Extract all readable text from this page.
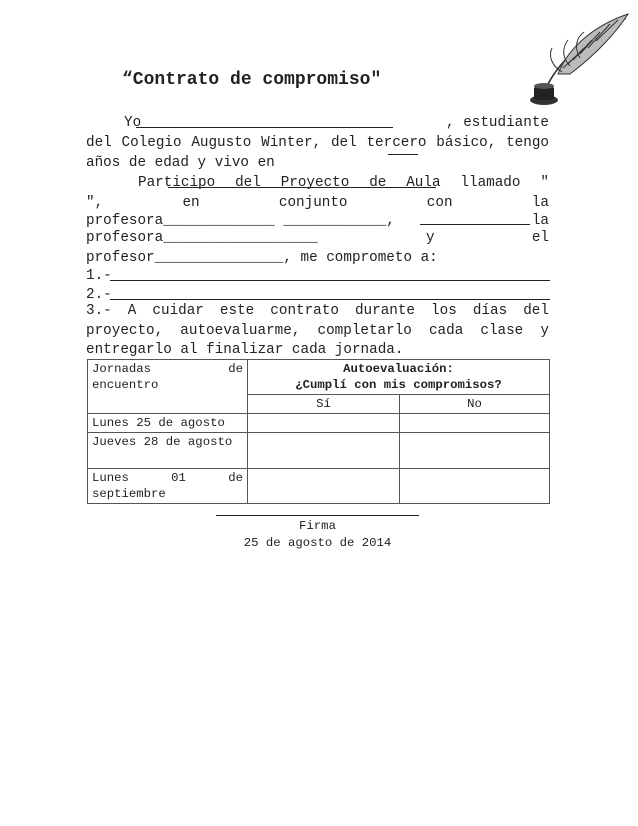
“Contrato de compromiso"
Yo	, estudiante
del Colegio Augusto Winter, del tercero básico, tengo
años de edad y vivo en
Participo del Proyecto de Aula llamado "
",	en	conjunto	con	la
profesora_____________ ____________,	la
profesora__________________	y	el
profesor_______________, me comprometo a:
1.-
2.-
3.- A cuidar este contrato durante los días del
proyecto, autoevaluarme, completarlo cada clase y
entregarlo al finalizar cada jornada.
Jornadas de encuentro	Autoevaluación:
¿Cumplí con mis compromisos?	

	Sí	No
Lunes 25 de agosto		
Jueves 28 de agosto		
Lunes 01 de septiembre		
Firma
25 de agosto de 2014
